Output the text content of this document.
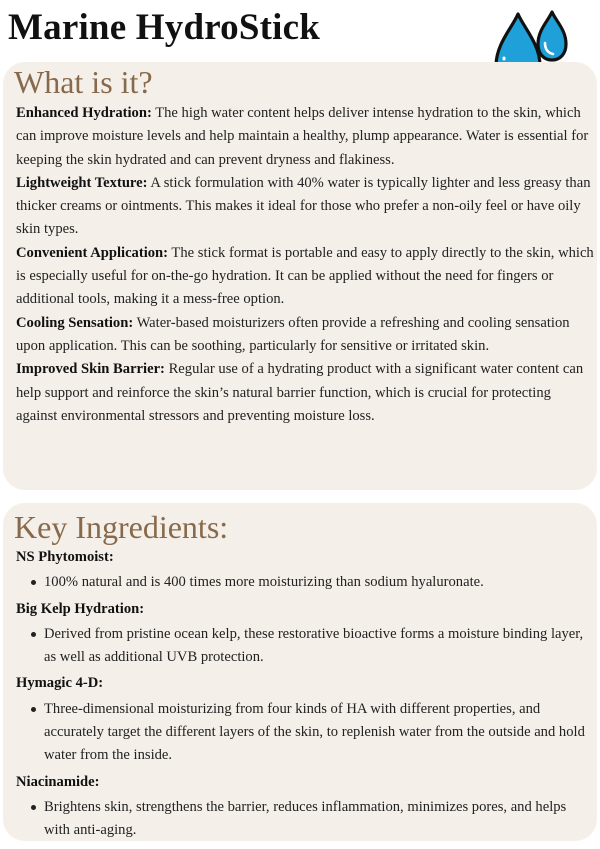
Marine HydroStick
What is it?

Enhanced Hydration: The high water content helps deliver intense hydration to the skin, which can improve moisture levels and help maintain a healthy, plump appearance. Water is essential for keeping the skin hydrated and can prevent dryness and flakiness.

Lightweight Texture: A stick formulation with 40% water is typically lighter and less greasy than thicker creams or ointments. This makes it ideal for those who prefer a non-oily feel or have oily skin types.

Convenient Application: The stick format is portable and easy to apply directly to the skin, which is especially useful for on-the-go hydration. It can be applied without the need for fingers or additional tools, making it a mess-free option.

Cooling Sensation: Water-based moisturizers often provide a refreshing and cooling sensation upon application. This can be soothing, particularly for sensitive or irritated skin.

Improved Skin Barrier: Regular use of a hydrating product with a significant water content can help support and reinforce the skin’s natural barrier function, which is crucial for protecting against environmental stressors and preventing moisture loss.

Key Ingredients:

NS Phytomoist:

100% natural and is 400 times more moisturizing than sodium hyaluronate.

Big Kelp Hydration:

Derived from pristine ocean kelp, these restorative bioactive forms a moisture binding layer, as well as additional UVB protection.

Hymagic 4-D:

Three-dimensional moisturizing from four kinds of HA with different properties, and accurately target the different layers of the skin, to replenish water from the outside and hold water from the inside.

Niacinamide:

Brightens skin, strengthens the barrier, reduces inflammation, minimizes pores, and helps with anti-aging.
